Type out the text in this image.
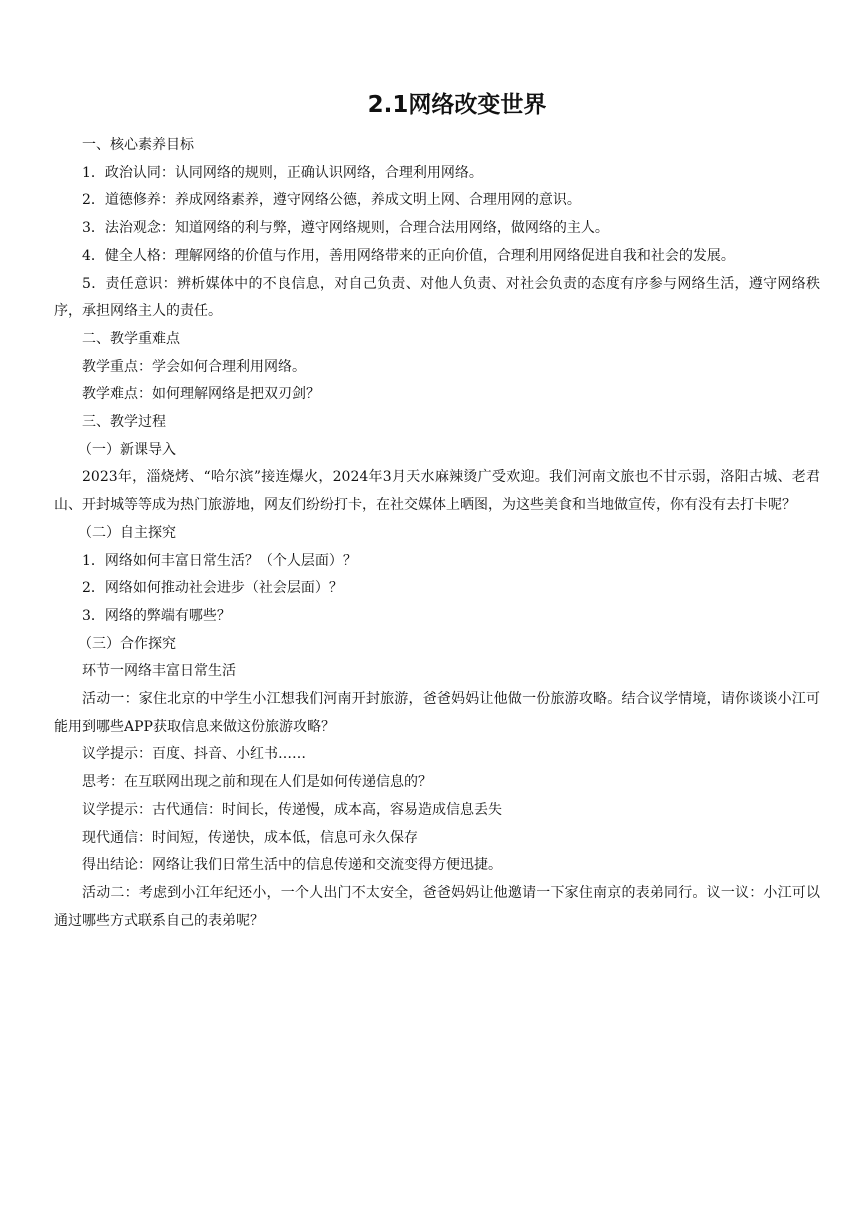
2.1网络改变世界

一、核心素养目标

1．政治认同：认同网络的规则，正确认识网络，合理利用网络。

2．道德修养：养成网络素养，遵守网络公德，养成文明上网、合理用网的意识。

3．法治观念：知道网络的利与弊，遵守网络规则，合理合法用网络，做网络的主人。

4．健全人格：理解网络的价值与作用，善用网络带来的正向价值，合理利用网络促进自我和社会的发展。

5．责任意识：辨析媒体中的不良信息，对自己负责、对他人负责、对社会负责的态度有序参与网络生活，遵守网络秩序，承担网络主人的责任。

二、教学重难点

教学重点：学会如何合理利用网络。

教学难点：如何理解网络是把双刃剑？

三、教学过程

（一）新课导入

2023年，淄烧烤、“哈尔滨”接连爆火，2024年3月天水麻辣烫广受欢迎。我们河南文旅也不甘示弱，洛阳古城、老君山、开封城等等成为热门旅游地，网友们纷纷打卡，在社交媒体上晒图，为这些美食和当地做宣传，你有没有去打卡呢？

（二）自主探究

1．网络如何丰富日常生活？（个人层面）？

2．网络如何推动社会进步（社会层面）？

3．网络的弊端有哪些？

（三）合作探究

环节一网络丰富日常生活

活动一：家住北京的中学生小江想我们河南开封旅游，爸爸妈妈让他做一份旅游攻略。结合议学情境，请你谈谈小江可能用到哪些APP获取信息来做这份旅游攻略？

议学提示：百度、抖音、小红书……

思考：在互联网出现之前和现在人们是如何传递信息的？

议学提示：古代通信：时间长，传递慢，成本高，容易造成信息丢失

现代通信：时间短，传递快，成本低，信息可永久保存

得出结论：网络让我们日常生活中的信息传递和交流变得方便迅捷。

活动二：考虑到小江年纪还小，一个人出门不太安全，爸爸妈妈让他邀请一下家住南京的表弟同行。议一议：小江可以通过哪些方式联系自己的表弟呢？
